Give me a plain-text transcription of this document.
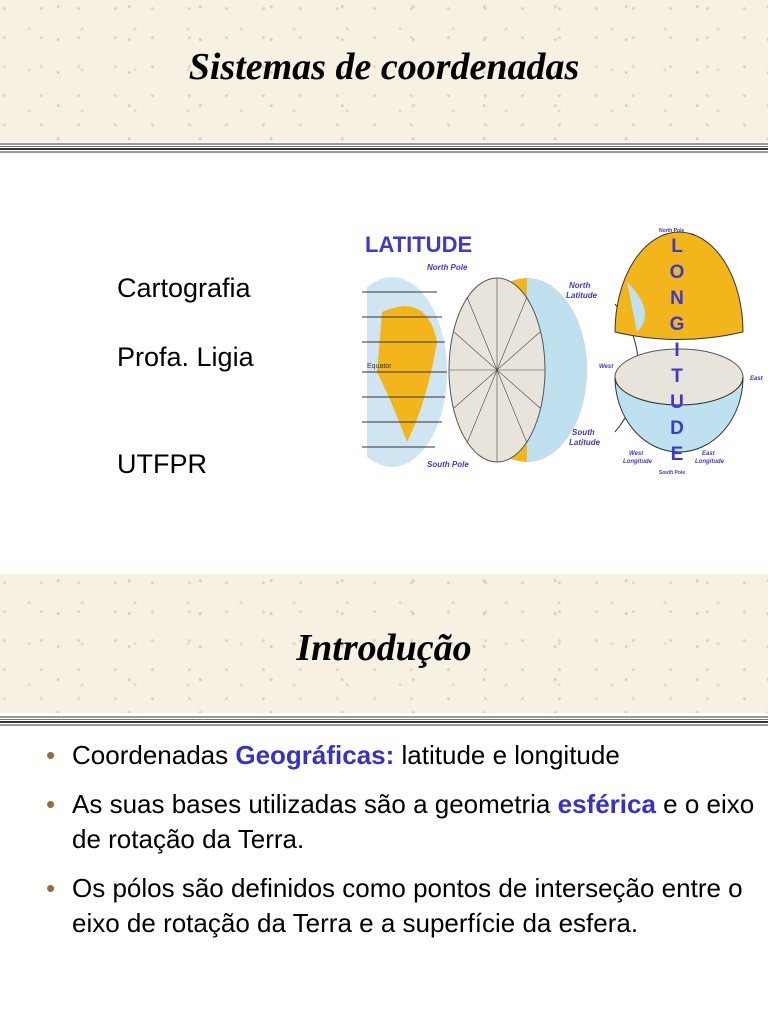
Sistemas de coordenadas
Cartografia
Profa. Ligia
UTFPR
LATITUDE
Equator
North Pole
South Pole
North
Latitude
South
Latitude
West
East
North Pole
South Pole
West
Longitude
East
Longitude
L
O
N
G
I
T
U
D
E
Introdução
• Coordenadas Geográficas: latitude e longitude
• As suas bases utilizadas são a geometria esférica e o eixo de rotação da Terra.
• Os pólos são definidos como pontos de interseção entre o eixo de rotação da Terra e a superfície da esfera.
